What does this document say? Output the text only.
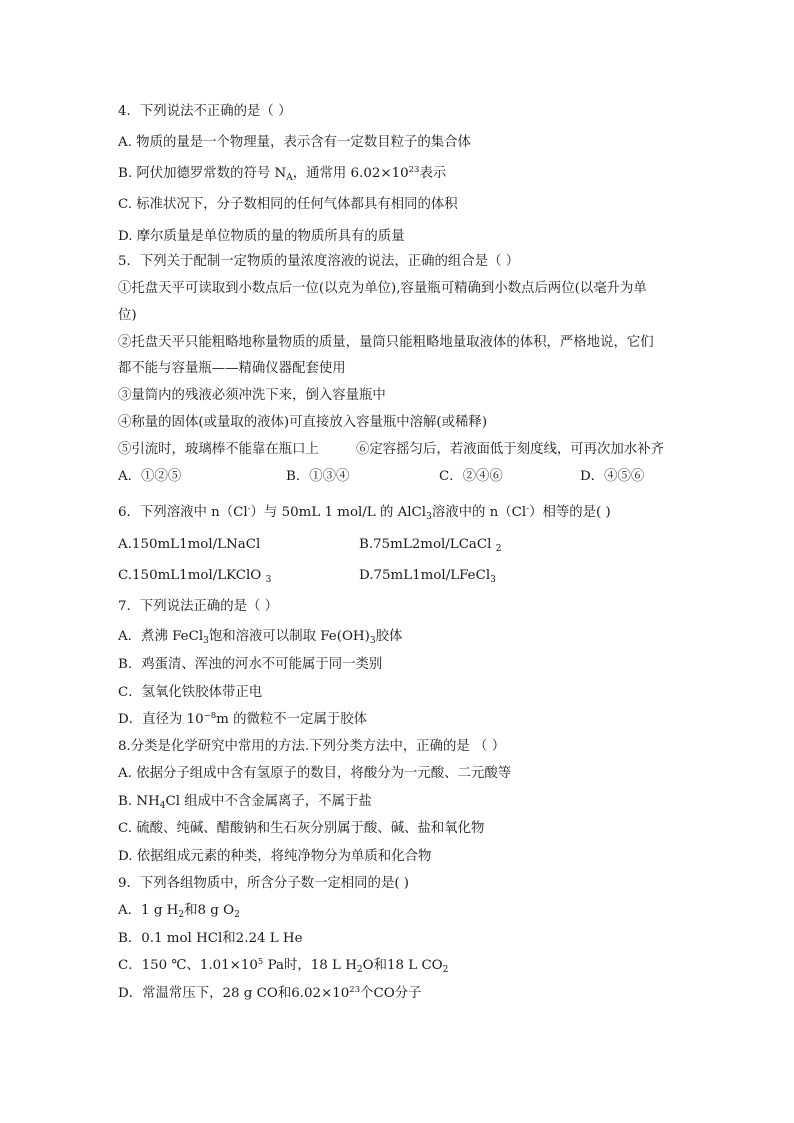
4．下列说法不正确的是（ ）
A. 物质的量是一个物理量，表示含有一定数目粒子的集合体
B. 阿伏加德罗常数的符号 $N_A$，通常用 $6.02\times 10^{23}$表示
C. 标准状况下，分子数相同的任何气体都具有相同的体积
D. 摩尔质量是单位物质的量的物质所具有的质量
5．下列关于配制一定物质的量浓度溶液的说法，正确的组合是（ ）
①托盘天平可读取到小数点后一位(以克为单位),容量瓶可精确到小数点后两位(以毫升为单
位)
②托盘天平只能粗略地称量物质的质量，量筒只能粗略地量取液体的体积，严格地说，它们
都不能与容量瓶——精确仪器配套使用
③量筒内的残液必须冲洗下来，倒入容量瓶中
④称量的固体(或量取的液体)可直接放入容量瓶中溶解(或稀释)
⑤引流时，玻璃棒不能靠在瓶口上	⑥定容摇匀后，若液面低于刻度线，可再次加水补齐
A．①②⑤	B．①③④	C．②④⑥	D．④⑤⑥
6．下列溶液中 n（Cl-）与 50mL 1 mol/L 的 AlCl$_3$溶液中的 n（Cl-）相等的是( )
A.150mL1mol/LNaCl	B.75mL2mol/LCaCl $_2$
C.150mL1mol/LKClO $_3$	D.75mL1mol/LFeCl$_3$
7．下列说法正确的是（ ）
A．煮沸 FeCl$_3$饱和溶液可以制取 $Fe(OH)_3$胶体
B．鸡蛋清、浑浊的河水不可能属于同一类别
C．氢氧化铁胶体带正电
D．直径为 $10^{-8}m$ 的微粒不一定属于胶体
8.分类是化学研究中常用的方法.下列分类方法中，正确的是 （ ）
A. 依据分子组成中含有氢原子的数目，将酸分为一元酸、二元酸等
B. $NH_4Cl$ 组成中不含金属离子，不属于盐
C. 硫酸、纯碱、醋酸钠和生石灰分别属于酸、碱、盐和氧化物
D. 依据组成元素的种类，将纯净物分为单质和化合物
9．下列各组物质中，所含分子数一定相同的是( )
A．1 g $H_2$和8 g $O_2$
B．0.1 mol HCl和2.24 L He
C．150 ℃、$1.01\times 10^5$ Pa时，18 L $H_2O$和18 L $CO_2$
D．常温常压下，28 g CO和$6.02\times 10^{23}$个CO分子
